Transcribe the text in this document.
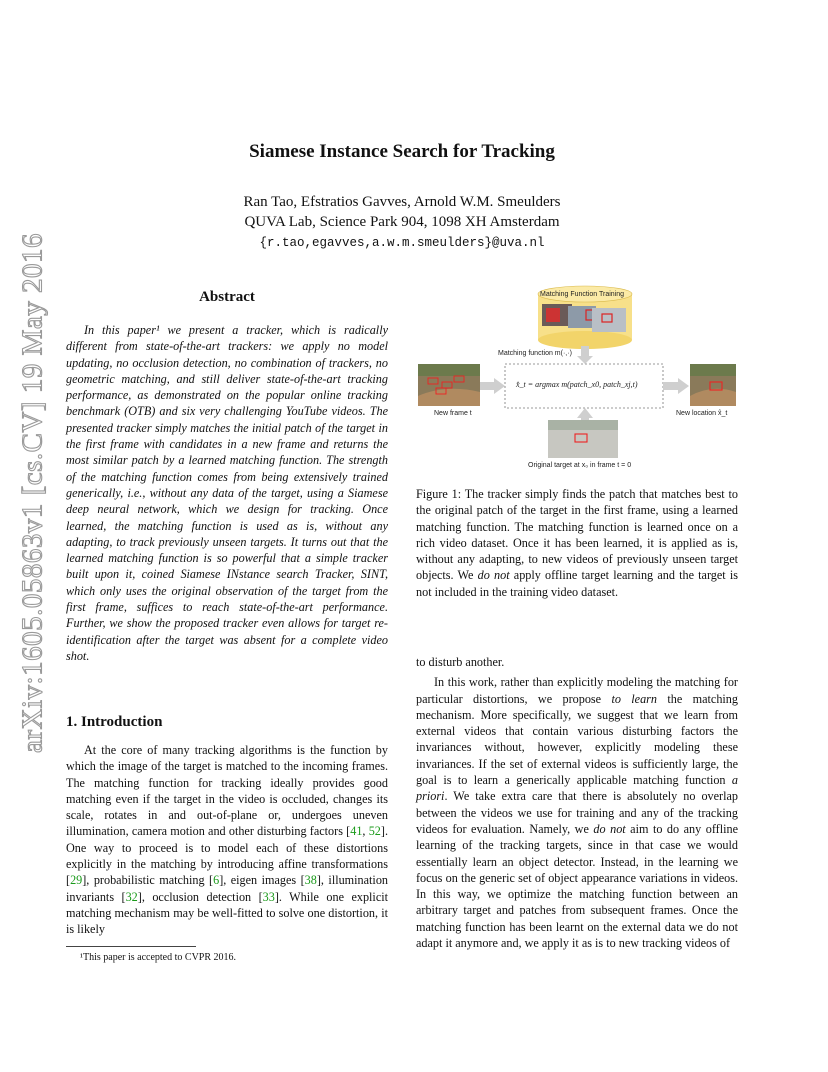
arXiv:1605.05863v1 [cs.CV] 19 May 2016
Siamese Instance Search for Tracking
Ran Tao, Efstratios Gavves, Arnold W.M. Smeulders
QUVA Lab, Science Park 904, 1098 XH Amsterdam
{r.tao,egavves,a.w.m.smeulders}@uva.nl
Abstract

In this paper¹ we present a tracker, which is radically different from state-of-the-art trackers: we apply no model updating, no occlusion detection, no combination of trackers, no geometric matching, and still deliver state-of-the-art tracking performance, as demonstrated on the popular online tracking benchmark (OTB) and six very challenging YouTube videos. The presented tracker simply matches the initial patch of the target in the first frame with candidates in a new frame and returns the most similar patch by a learned matching function. The strength of the matching function comes from being extensively trained generically, i.e., without any data of the target, using a Siamese deep neural network, which we design for tracking. Once learned, the matching function is used as is, without any adapting, to track previously unseen targets. It turns out that the learned matching function is so powerful that a simple tracker built upon it, coined Siamese INstance search Tracker, SINT, which only uses the original observation of the target from the first frame, suffices to reach state-of-the-art performance. Further, we show the proposed tracker even allows for target re-identification after the target was absent for a complete video shot.

1. Introduction

At the core of many tracking algorithms is the function by which the image of the target is matched to the incoming frames. The matching function for tracking ideally provides good matching even if the target in the video is occluded, changes its scale, rotates in and out-of-plane or, undergoes uneven illumination, camera motion and other disturbing factors [41, 52]. One way to proceed is to model each of these distortions explicitly in the matching by introducing affine transformations [29], probabilistic matching [6], eigen images [38], illumination invariants [32], occlusion detection [33]. While one explicit matching mechanism may be well-fitted to solve one distortion, it is likely

¹This paper is accepted to CVPR 2016.
Matching Function Training
Matching function m(·,·)
x̂_t = argmax m(patch_x0, patch_xj,t)
New frame t	New location x̂_t
Original target at x₀ in frame t = 0

Figure 1: The tracker simply finds the patch that matches best to the original patch of the target in the first frame, using a learned matching function. The matching function is learned once on a rich video dataset. Once it has been learned, it is applied as is, without any adapting, to new videos of previously unseen target objects. We do not apply offline target learning and the target is not included in the training video dataset.

to disturb another.

In this work, rather than explicitly modeling the matching for particular distortions, we propose to learn the matching mechanism. More specifically, we suggest that we learn from external videos that contain various disturbing factors the invariances without, however, explicitly modeling these invariances. If the set of external videos is sufficiently large, the goal is to learn a generically applicable matching function a priori. We take extra care that there is absolutely no overlap between the videos we use for training and any of the tracking videos for evaluation. Namely, we do not aim to do any offline learning of the tracking targets, since in that case we would essentially learn an object detector. Instead, in the learning we focus on the generic set of object appearance variations in videos. In this way, we optimize the matching function between an arbitrary target and patches from subsequent frames. Once the matching function has been learnt on the external data we do not adapt it anymore and, we apply it as is to new tracking videos of
